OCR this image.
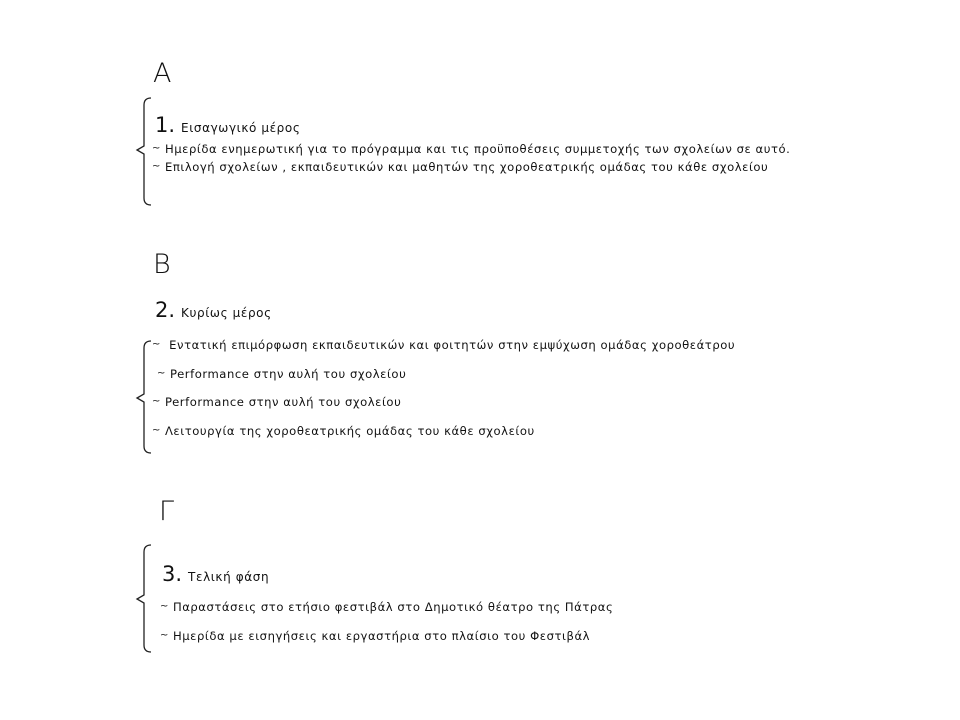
Α
1. Εισαγωγικό μέρος
~ Ημερίδα ενημερωτική για το πρόγραμμα και τις προϋποθέσεις συμμετοχής των σχολείων σε αυτό.
~ Επιλογή σχολείων , εκπαιδευτικών και μαθητών της χοροθεατρικής ομάδας του κάθε σχολείου
Β
2. Κυρίως μέρος
~ Εντατική επιμόρφωση εκπαιδευτικών και φοιτητών στην εμψύχωση ομάδας χοροθεάτρου
~ Performance στην αυλή του σχολείου
~ Performance στην αυλή του σχολείου
~ Λειτουργία της χοροθεατρικής ομάδας του κάθε σχολείου
Γ
3. Τελική φάση
~ Παραστάσεις στο ετήσιο φεστιβάλ στο Δημοτικό θέατρο της Πάτρας
~ Ημερίδα με εισηγήσεις και εργαστήρια στο πλαίσιο του Φεστιβάλ
